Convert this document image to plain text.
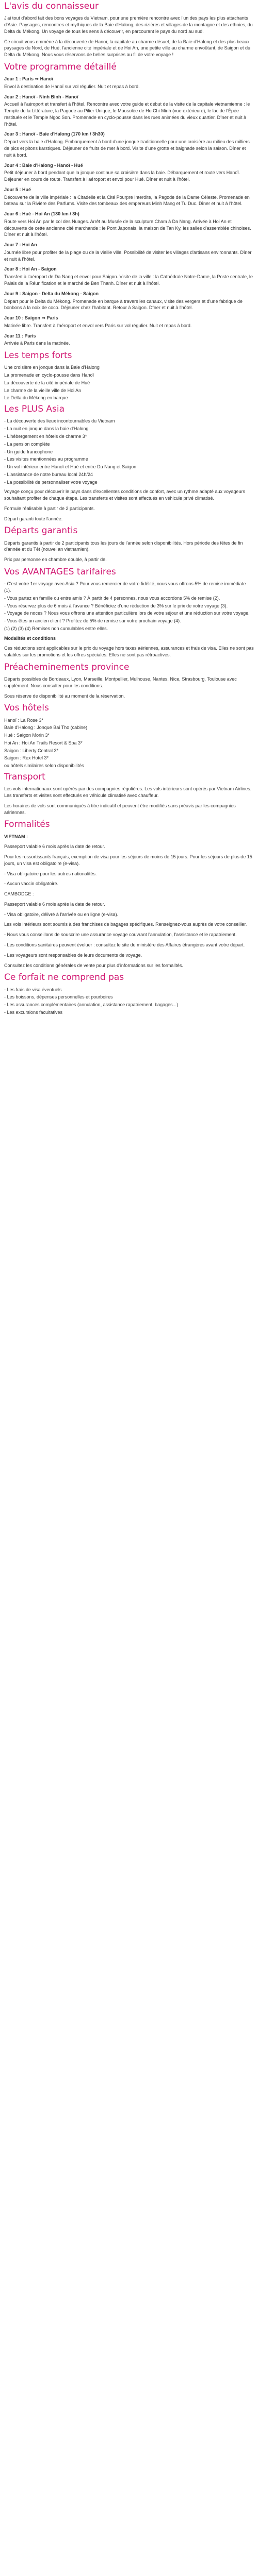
L'avis du connaisseur

J'ai tout d'abord fait des bons voyages du Vietnam, pour une première rencontre avec l'un des pays les plus attachants d'Asie. Paysages, rencontres et mythiques de la Baie d'Halong, des rizières et villages de la montagne et des ethnies, du Delta du Mékong. Un voyage de tous les sens à découvrir, en parcourant le pays du nord au sud.

Ce circuit vous emmène à la découverte de Hanoï, la capitale au charme désuet, de la Baie d'Halong et des plus beaux paysages du Nord, de Hué, l'ancienne cité impériale et de Hoi An, une petite ville au charme envoûtant, de Saigon et du Delta du Mékong. Nous vous réservons de belles surprises au fil de votre voyage !

Votre programme détaillé

Jour 1 : Paris ⇒ Hanoï

Envol à destination de Hanoï sur vol régulier. Nuit et repas à bord.

Jour 2 : Hanoï - Ninh Binh - Hanoï

Accueil à l'aéroport et transfert à l'hôtel. Rencontre avec votre guide et début de la visite de la capitale vietnamienne : le Temple de la Littérature, la Pagode au Pilier Unique, le Mausolée de Ho Chi Minh (vue extérieure), le lac de l'Épée restituée et le Temple Ngoc Son. Promenade en cyclo-pousse dans les rues animées du vieux quartier. Dîner et nuit à l'hôtel.

Jour 3 : Hanoï - Baie d'Halong (170 km / 3h30)

Départ vers la baie d'Halong. Embarquement à bord d'une jonque traditionnelle pour une croisière au milieu des milliers de pics et pitons karstiques. Déjeuner de fruits de mer à bord. Visite d'une grotte et baignade selon la saison. Dîner et nuit à bord.

Jour 4 : Baie d'Halong - Hanoï - Hué

Petit déjeuner à bord pendant que la jonque continue sa croisière dans la baie. Débarquement et route vers Hanoï. Déjeuner en cours de route. Transfert à l'aéroport et envol pour Hué. Dîner et nuit à l'hôtel.

Jour 5 : Hué

Découverte de la ville impériale : la Citadelle et la Cité Pourpre Interdite, la Pagode de la Dame Céleste. Promenade en bateau sur la Rivière des Parfums. Visite des tombeaux des empereurs Minh Mang et Tu Duc. Dîner et nuit à l'hôtel.

Jour 6 : Hué - Hoi An (130 km / 3h)

Route vers Hoi An par le col des Nuages. Arrêt au Musée de la sculpture Cham à Da Nang. Arrivée à Hoi An et découverte de cette ancienne cité marchande : le Pont Japonais, la maison de Tan Ky, les salles d'assemblée chinoises. Dîner et nuit à l'hôtel.

Jour 7 : Hoi An

Journée libre pour profiter de la plage ou de la vieille ville. Possibilité de visiter les villages d'artisans environnants. Dîner et nuit à l'hôtel.

Jour 8 : Hoi An - Saigon

Transfert à l'aéroport de Da Nang et envol pour Saigon. Visite de la ville : la Cathédrale Notre-Dame, la Poste centrale, le Palais de la Réunification et le marché de Ben Thanh. Dîner et nuit à l'hôtel.

Jour 9 : Saigon - Delta du Mékong - Saigon

Départ pour le Delta du Mékong. Promenade en barque à travers les canaux, visite des vergers et d'une fabrique de bonbons à la noix de coco. Déjeuner chez l'habitant. Retour à Saigon. Dîner et nuit à l'hôtel.

Jour 10 : Saigon ⇒ Paris

Matinée libre. Transfert à l'aéroport et envol vers Paris sur vol régulier. Nuit et repas à bord.

Jour 11 : Paris

Arrivée à Paris dans la matinée.

Les temps forts
Une croisière en jonque dans la Baie d'Halong
La promenade en cyclo-pousse dans Hanoï
La découverte de la cité impériale de Hué
Le charme de la vieille ville de Hoi An
Le Delta du Mékong en barque
Les PLUS Asia
- La découverte des lieux incontournables du Vietnam
- La nuit en jonque dans la baie d'Halong
- L'hébergement en hôtels de charme 3*
- La pension complète
- Un guide francophone
- Les visites mentionnées au programme
- Un vol intérieur entre Hanoï et Hué et entre Da Nang et Saigon
- L'assistance de notre bureau local 24h/24
- La possibilité de personnaliser votre voyage

Voyage conçu pour découvrir le pays dans d'excellentes conditions de confort, avec un rythme adapté aux voyageurs souhaitant profiter de chaque étape. Les transferts et visites sont effectués en véhicule privé climatisé.

Formule réalisable à partir de 2 participants.

Départ garanti toute l'année.

Départs garantis

Départs garantis à partir de 2 participants tous les jours de l'année selon disponibilités. Hors période des fêtes de fin d'année et du Têt (nouvel an vietnamien).

Prix par personne en chambre double, à partir de.

Vos AVANTAGES tarifaires
- C'est votre 1er voyage avec Asia ? Pour vous remercier de votre fidélité, nous vous offrons 5% de remise immédiate (1).
- Vous partez en famille ou entre amis ? À partir de 4 personnes, nous vous accordons 5% de remise (2).
- Vous réservez plus de 6 mois à l'avance ? Bénéficiez d'une réduction de 3% sur le prix de votre voyage (3).
- Voyage de noces ? Nous vous offrons une attention particulière lors de votre séjour et une réduction sur votre voyage.
- Vous êtes un ancien client ? Profitez de 5% de remise sur votre prochain voyage (4).
(1) (2) (3) (4) Remises non cumulables entre elles.

Modalités et conditions

Ces réductions sont applicables sur le prix du voyage hors taxes aériennes, assurances et frais de visa. Elles ne sont pas valables sur les promotions et les offres spéciales. Elles ne sont pas rétroactives.

Préacheminements province

Départs possibles de Bordeaux, Lyon, Marseille, Montpellier, Mulhouse, Nantes, Nice, Strasbourg, Toulouse avec supplément. Nous consulter pour les conditions.

Sous réserve de disponibilité au moment de la réservation.

Vos hôtels
Hanoï : La Rose 3*
Baie d'Halong : Jonque Bai Tho (cabine)
Hué : Saigon Morin 3*
Hoi An : Hoi An Trails Resort & Spa 3*
Saigon : Liberty Central 3*
Saigon : Rex Hotel 3*
ou hôtels similaires selon disponibilités
Transport

Les vols internationaux sont opérés par des compagnies régulières. Les vols intérieurs sont opérés par Vietnam Airlines. Les transferts et visites sont effectués en véhicule climatisé avec chauffeur.

Les horaires de vols sont communiqués à titre indicatif et peuvent être modifiés sans préavis par les compagnies aériennes.

Formalités

VIETNAM :

Passeport valable 6 mois après la date de retour.

Pour les ressortissants français, exemption de visa pour les séjours de moins de 15 jours. Pour les séjours de plus de 15 jours, un visa est obligatoire (e-visa).

- Visa obligatoire pour les autres nationalités.

- Aucun vaccin obligatoire.

CAMBODGE :

Passeport valable 6 mois après la date de retour.

- Visa obligatoire, délivré à l'arrivée ou en ligne (e-visa).

Les vols intérieurs sont soumis à des franchises de bagages spécifiques. Renseignez-vous auprès de votre conseiller.

- Nous vous conseillons de souscrire une assurance voyage couvrant l'annulation, l'assistance et le rapatriement.

- Les conditions sanitaires peuvent évoluer : consultez le site du ministère des Affaires étrangères avant votre départ.

- Les voyageurs sont responsables de leurs documents de voyage.

Consultez les conditions générales de vente pour plus d'informations sur les formalités.

Ce forfait ne comprend pas
- Les frais de visa éventuels
- Les boissons, dépenses personnelles et pourboires
- Les assurances complémentaires (annulation, assistance rapatriement, bagages...)
- Les excursions facultatives
